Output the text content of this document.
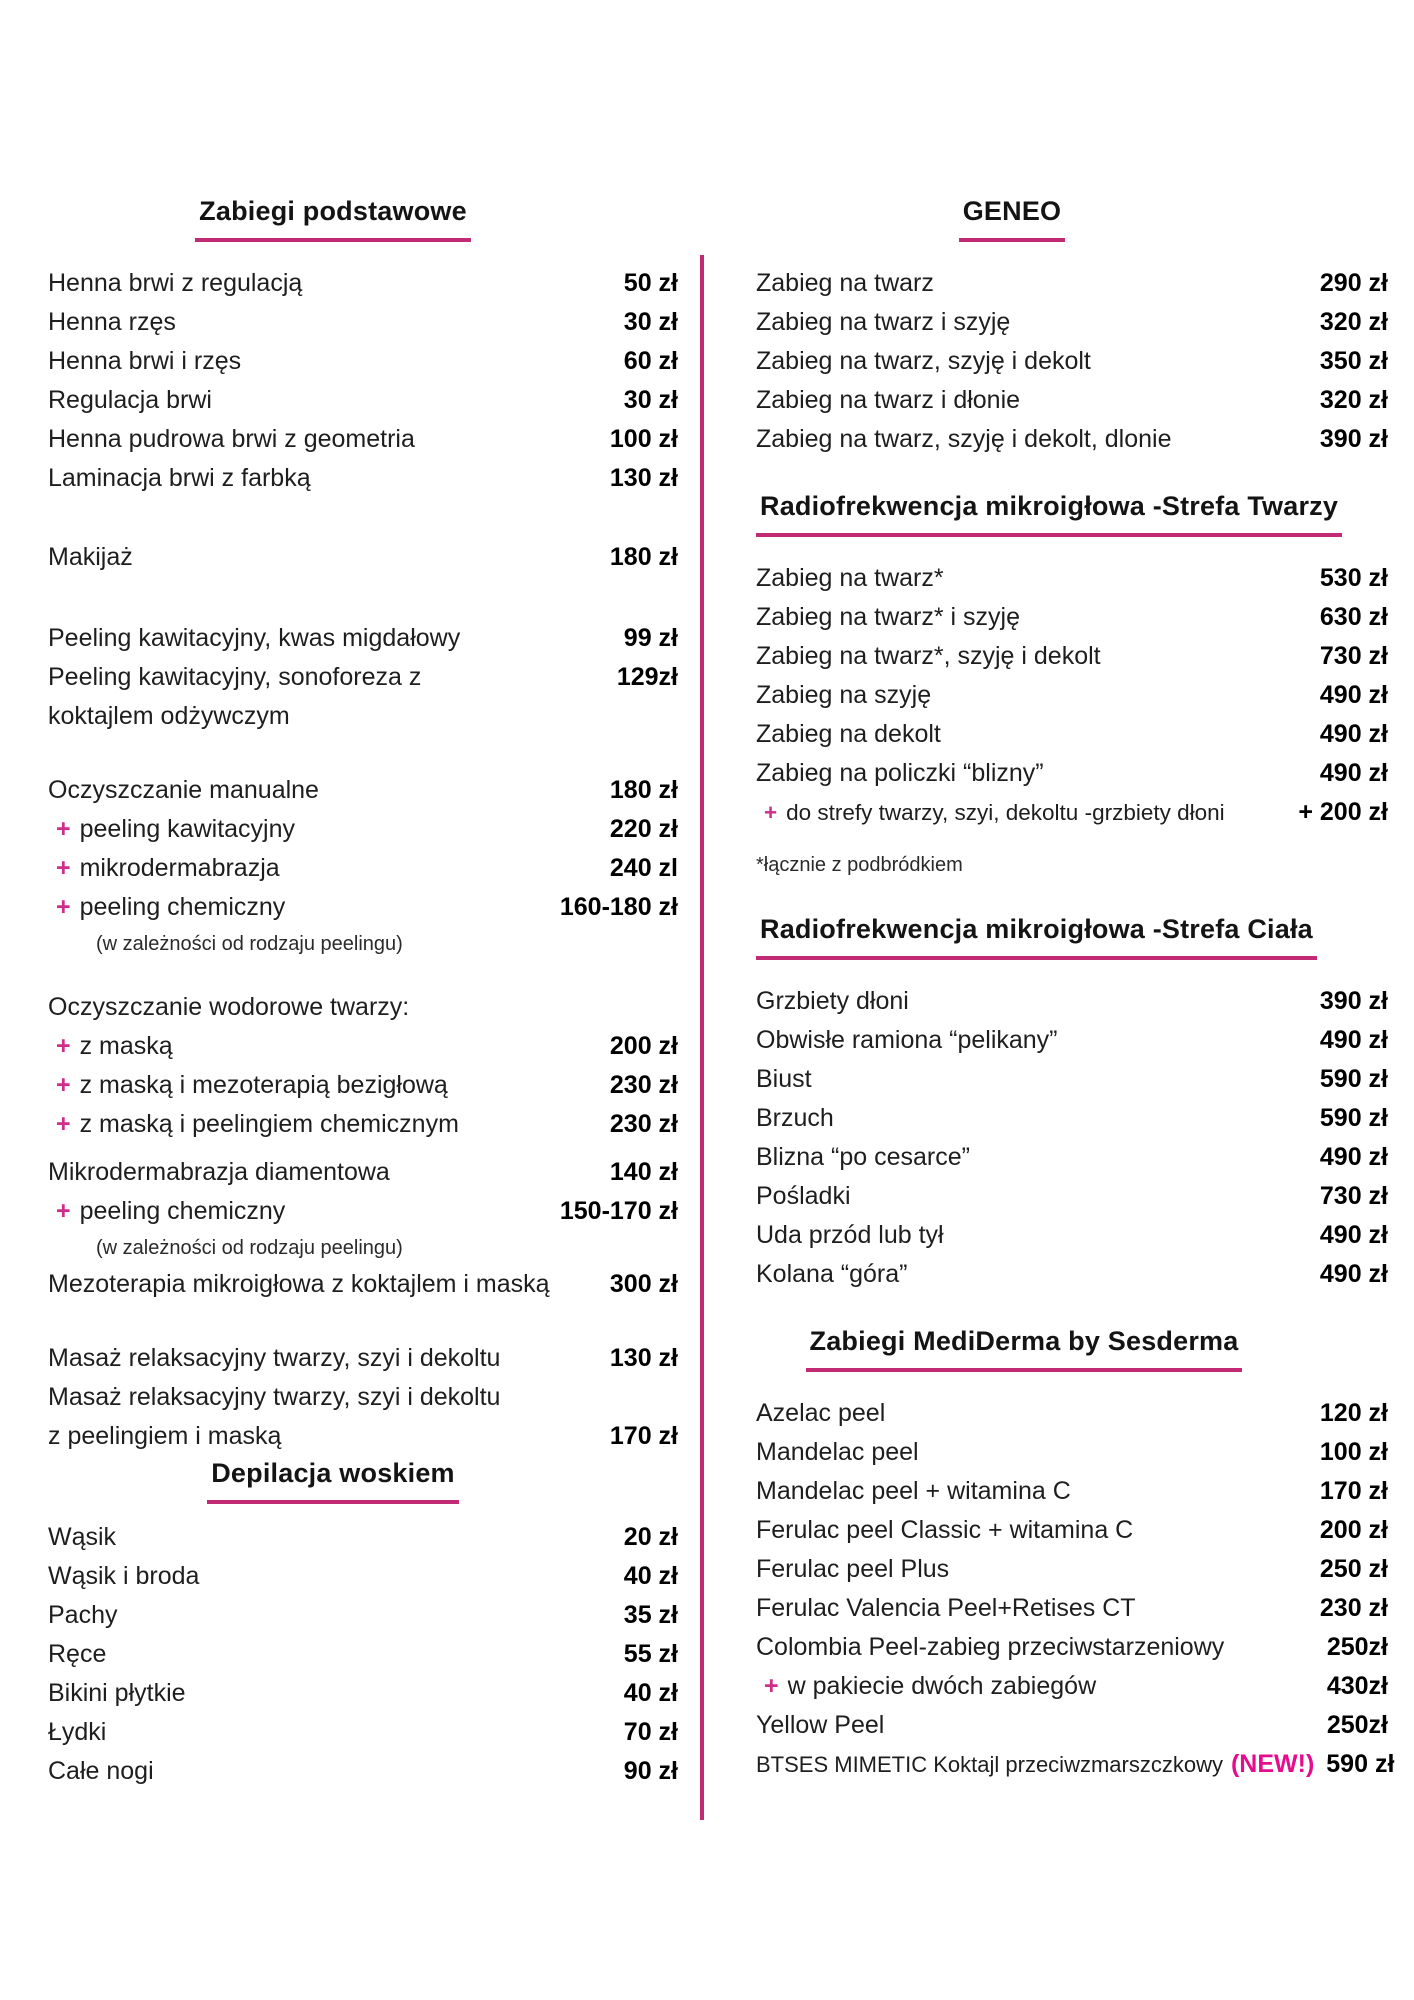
Zabiegi podstawowe
Henna brwi z regulacją	50 zł
Henna rzęs	30 zł
Henna brwi i rzęs	60 zł
Regulacja brwi	30 zł
Henna pudrowa brwi z geometria	100 zł
Laminacja brwi z farbką	130 zł
Makijaż	180 zł
Peeling kawitacyjny, kwas migdałowy	99 zł
Peeling kawitacyjny, sonoforeza z	129zł
koktajlem odżywczym
Oczyszczanie manualne	180 zł
+ peeling kawitacyjny	220 zł
+ mikrodermabrazja	240 zl
+ peeling chemiczny	160-180 zł
(w zależności od rodzaju peelingu)
Oczyszczanie wodorowe twarzy:
+ z maską	200 zł
+ z maską i mezoterapią bezigłową	230 zł
+ z maską i peelingiem chemicznym	230 zł
Mikrodermabrazja diamentowa	140 zł
+ peeling chemiczny	150-170 zł
(w zależności od rodzaju peelingu)
Mezoterapia mikroigłowa z koktajlem i maską	300 zł
Masaż relaksacyjny twarzy, szyi i dekoltu	130 zł
Masaż relaksacyjny twarzy, szyi i dekoltu
z peelingiem i maską	170 zł
Depilacja woskiem
Wąsik	20 zł
Wąsik i broda	40 zł
Pachy	35 zł
Ręce	55 zł
Bikini płytkie	40 zł
Łydki	70 zł
Całe nogi	90 zł
GENEO
Zabieg na twarz	290 zł
Zabieg na twarz i szyję	320 zł
Zabieg na twarz, szyję i dekolt	350 zł
Zabieg na twarz i dłonie	320 zł
Zabieg na twarz, szyję i dekolt, dlonie	390 zł
Radiofrekwencja mikroigłowa -Strefa Twarzy
Zabieg na twarz*	530 zł
Zabieg na twarz* i szyję	630 zł
Zabieg na twarz*, szyję i dekolt	730 zł
Zabieg na szyję	490 zł
Zabieg na dekolt	490 zł
Zabieg na policzki “blizny”	490 zł
+ do strefy twarzy, szyi, dekoltu -grzbiety dłoni	+ 200 zł
*łącznie z podbródkiem
Radiofrekwencja mikroigłowa -Strefa Ciała
Grzbiety dłoni	390 zł
Obwisłe ramiona “pelikany”	490 zł
Biust	590 zł
Brzuch	590 zł
Blizna “po cesarce”	490 zł
Pośladki	730 zł
Uda przód lub tył	490 zł
Kolana “góra”	490 zł
Zabiegi MediDerma by Sesderma
Azelac peel	120 zł
Mandelac peel	100 zł
Mandelac peel + witamina C	170 zł
Ferulac peel Classic + witamina C	200 zł
Ferulac peel Plus	250 zł
Ferulac Valencia Peel+Retises CT	230 zł
Colombia Peel-zabieg przeciwstarzeniowy	250zł
+ w pakiecie dwóch zabiegów	430zł
Yellow Peel	250zł
BTSES MIMETIC Koktajl przeciwzmarszczkowy (NEW!) 590 zł
